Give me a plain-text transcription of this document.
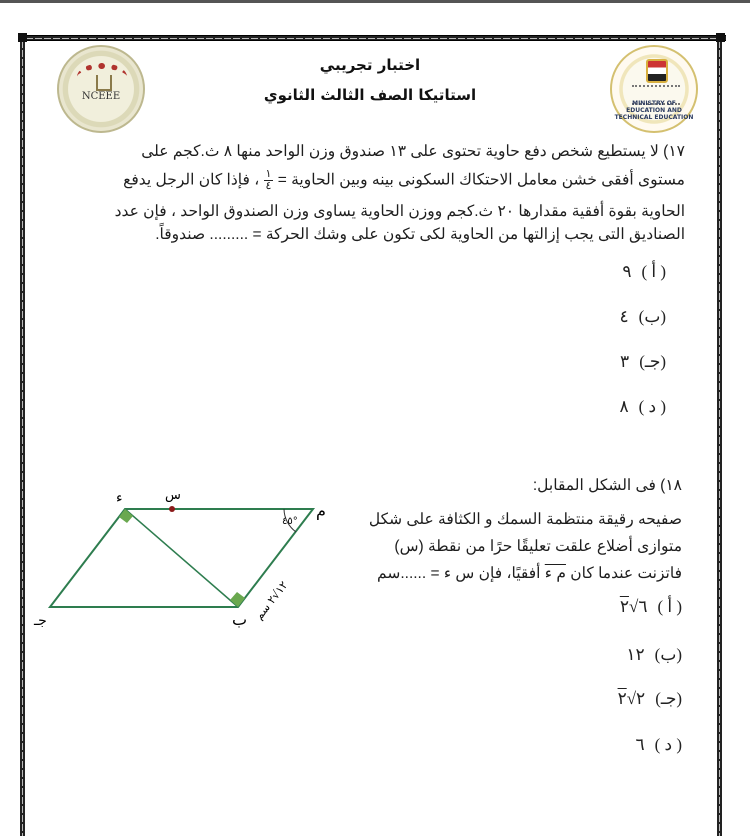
NCEEE
MINISTRY OF EDUCATION AND TECHNICAL EDUCATION
اختبار تجريبي
استاتيكا الصف الثالث الثانوي
١٧) لا يستطيع شخص دفع حاوية تحتوى على ١٣ صندوق وزن الواحد منها ٨ ث.كجم على
مستوى أفقى خشن معامل الاحتكاك السكونى بينه وبين الحاوية =
$\frac{١}{٤}$
، فإذا كان الرجل يدفع
الحاوية بقوة أفقية مقدارها ٢٠ ث.كجم ووزن الحاوية يساوى وزن الصندوق الواحد ، فإن عدد
الصناديق التى يجب إزالتها من الحاوية لكى تكون على وشك الحركة = ......... صندوقاً.
( أ )٩
(ب)٤
(جـ)٣
( د )٨
١٨) فى الشكل المقابل:
صفيحه رقيقة منتظمة السمك و الكثافة على شكل
متوازى أضلاع علقت تعليقًا حرًا من نقطة (س)
فاتزنت عندما كان م ء أفقيًا، فإن س ء = ......سم
( أ )٦√٢
(ب)١٢
(جـ)٢√٢
( د )٦
م
ب
جـ
ء	س
٤٥°
١٢√٢ سم
